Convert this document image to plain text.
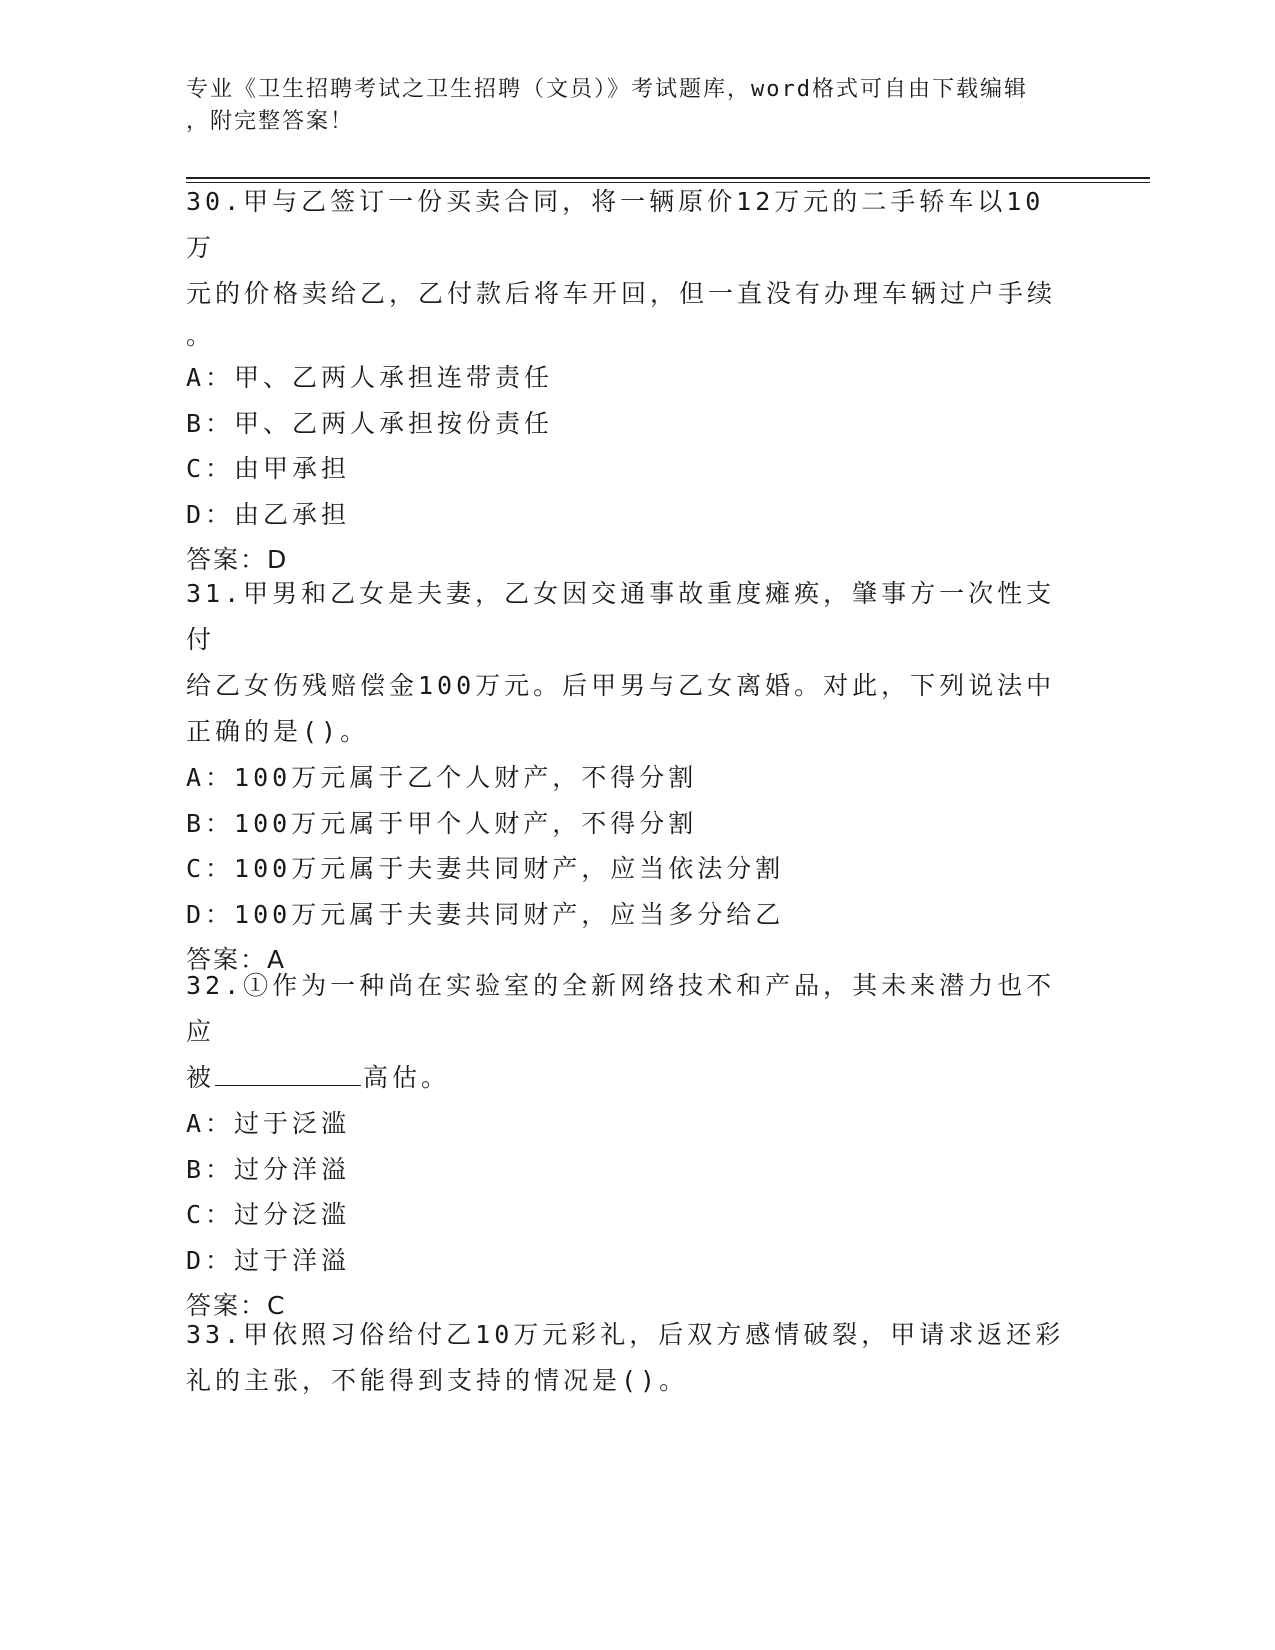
专业《卫生招聘考试之卫生招聘（文员）》考试题库，word格式可自由下载编辑
，附完整答案！
30.甲与乙签订一份买卖合同，将一辆原价12万元的二手轿车以10万
元的价格卖给乙，乙付款后将车开回，但一直没有办理车辆过户手续
。
A：甲、乙两人承担连带责任
B：甲、乙两人承担按份责任
C：由甲承担
D：由乙承担
答案：D
31.甲男和乙女是夫妻，乙女因交通事故重度瘫痪，肇事方一次性支付
给乙女伤残赔偿金100万元。后甲男与乙女离婚。对此，下列说法中
正确的是()。
A：100万元属于乙个人财产，不得分割
B：100万元属于甲个人财产，不得分割
C：100万元属于夫妻共同财产，应当依法分割
D：100万元属于夫妻共同财产，应当多分给乙
答案：A
32.①作为一种尚在实验室的全新网络技术和产品，其未来潜力也不应
被	高估。
A：过于泛滥
B：过分洋溢
C：过分泛滥
D：过于洋溢
答案：C
33.甲依照习俗给付乙10万元彩礼，后双方感情破裂，甲请求返还彩
礼的主张，不能得到支持的情况是()。
